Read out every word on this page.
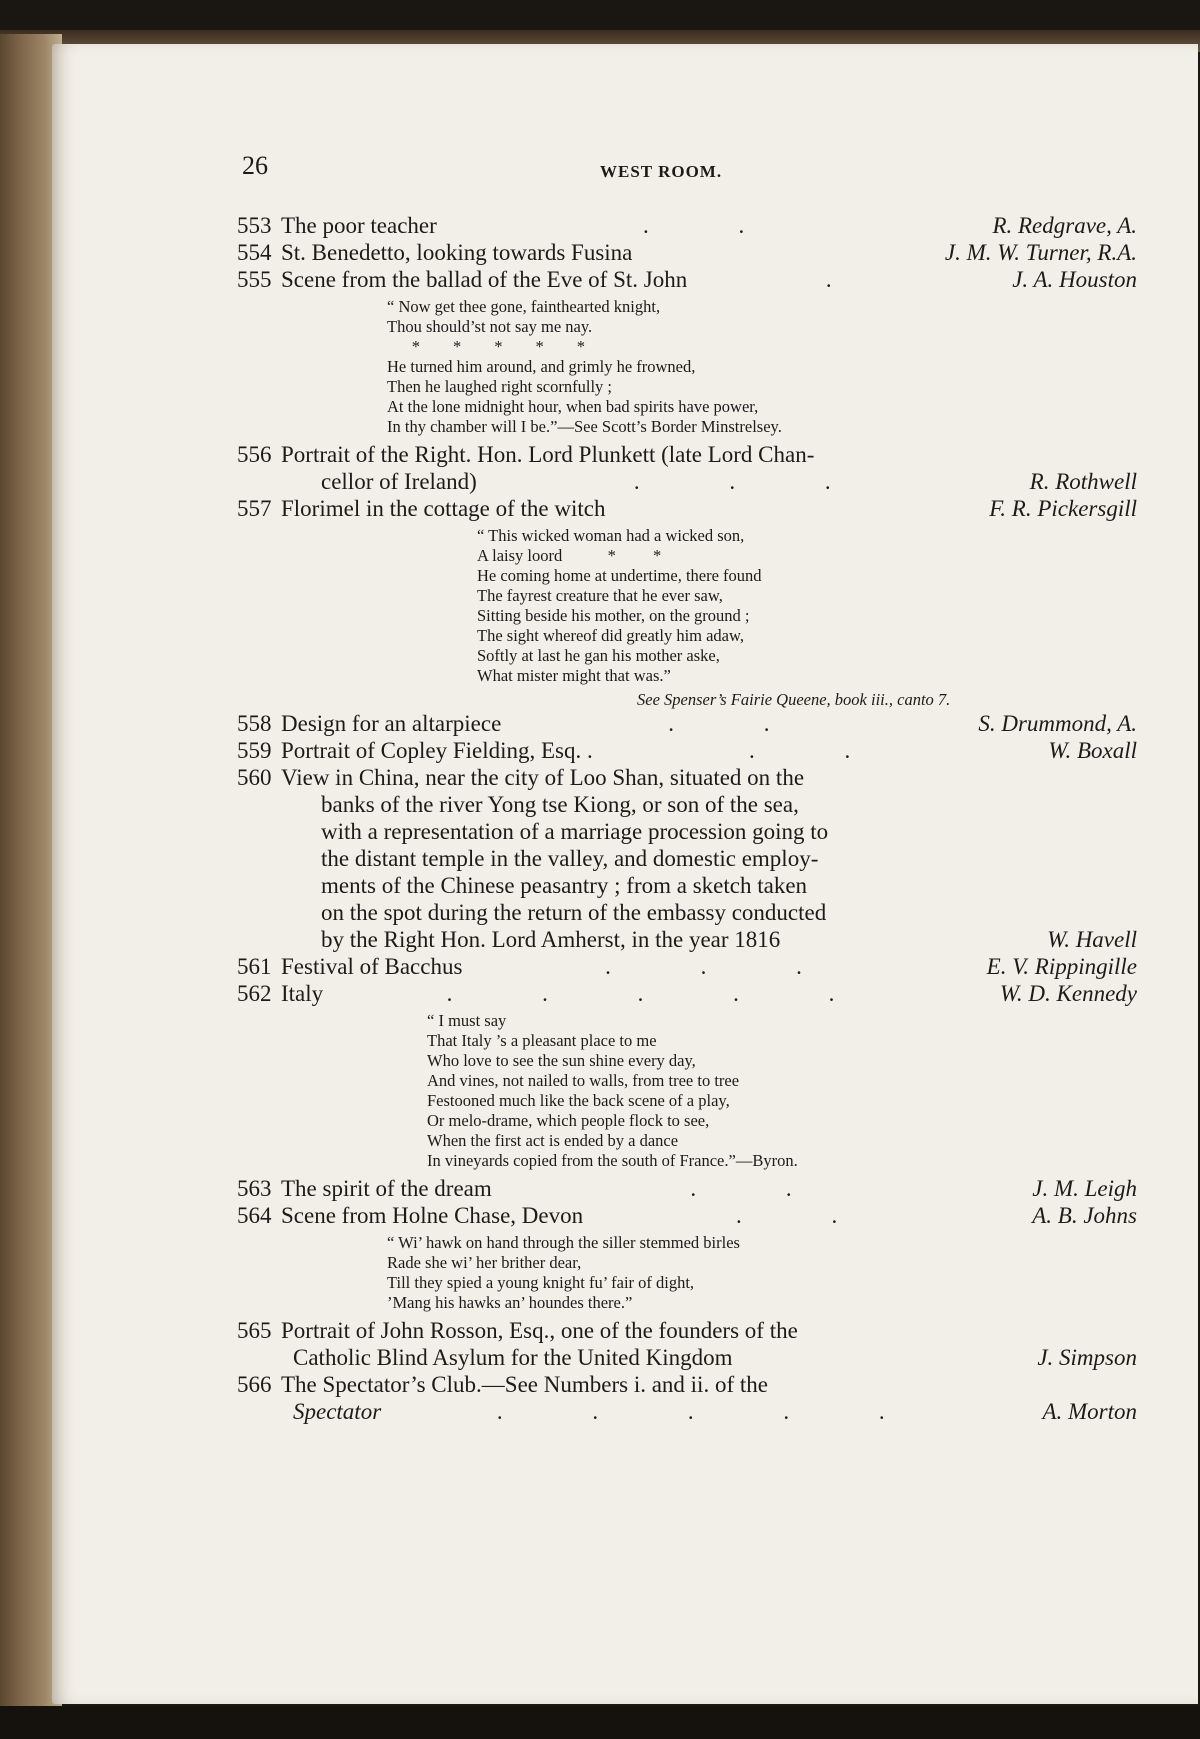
26	WEST ROOM.
553 The poor teacher	. .	R. Redgrave, A.
554 St. Benedetto, looking towards Fusina	J. M. W. Turner, R.A.
555 Scene from the ballad of the Eve of St. John	.	J. A. Houston
“ Now get thee gone, fainthearted knight,
Thou should’st not say me nay.
*        *        *        *        *
He turned him around, and grimly he frowned,
Then he laughed right scornfully ;
At the lone midnight hour, when bad spirits have power,
In thy chamber will I be.”—See Scott’s Border Minstrelsey.
556 Portrait of the Right. Hon. Lord Plunkett (late Lord Chan-
cellor of Ireland)	. . .	R. Rothwell
557 Florimel in the cottage of the witch	F. R. Pickersgill
“ This wicked woman had a wicked son,
A laisy loord           *         *
He coming home at undertime, there found
The fayrest creature that he ever saw,
Sitting beside his mother, on the ground ;
The sight whereof did greatly him adaw,
Softly at last he gan his mother aske,
What mister might that was.”
See Spenser’s Fairie Queene, book iii., canto 7.
558 Design for an altarpiece	. .	S. Drummond, A.
559 Portrait of Copley Fielding, Esq. .	. .	W. Boxall
560 View in China, near the city of Loo Shan, situated on the
banks of the river Yong tse Kiong, or son of the sea,
with a representation of a marriage procession going to
the distant temple in the valley, and domestic employ-
ments of the Chinese peasantry ; from a sketch taken
on the spot during the return of the embassy conducted
by the Right Hon. Lord Amherst, in the year 1816	W. Havell
561 Festival of Bacchus	. . .	E. V. Rippingille
562 Italy	. . . . .	W. D. Kennedy
“ I must say
That Italy ’s a pleasant place to me
Who love to see the sun shine every day,
And vines, not nailed to walls, from tree to tree
Festooned much like the back scene of a play,
Or melo-drame, which people flock to see,
When the first act is ended by a dance
In vineyards copied from the south of France.”—Byron.
563 The spirit of the dream	. .	J. M. Leigh
564 Scene from Holne Chase, Devon	. .	A. B. Johns
“ Wi’ hawk on hand through the siller stemmed birles
Rade she wi’ her brither dear,
Till they spied a young knight fu’ fair of dight,
’Mang his hawks an’ houndes there.”
565 Portrait of John Rosson, Esq., one of the founders of the
Catholic Blind Asylum for the United Kingdom	J. Simpson
566 The Spectator’s Club.—See Numbers i. and ii. of the
Spectator	. . . . .	A. Morton
